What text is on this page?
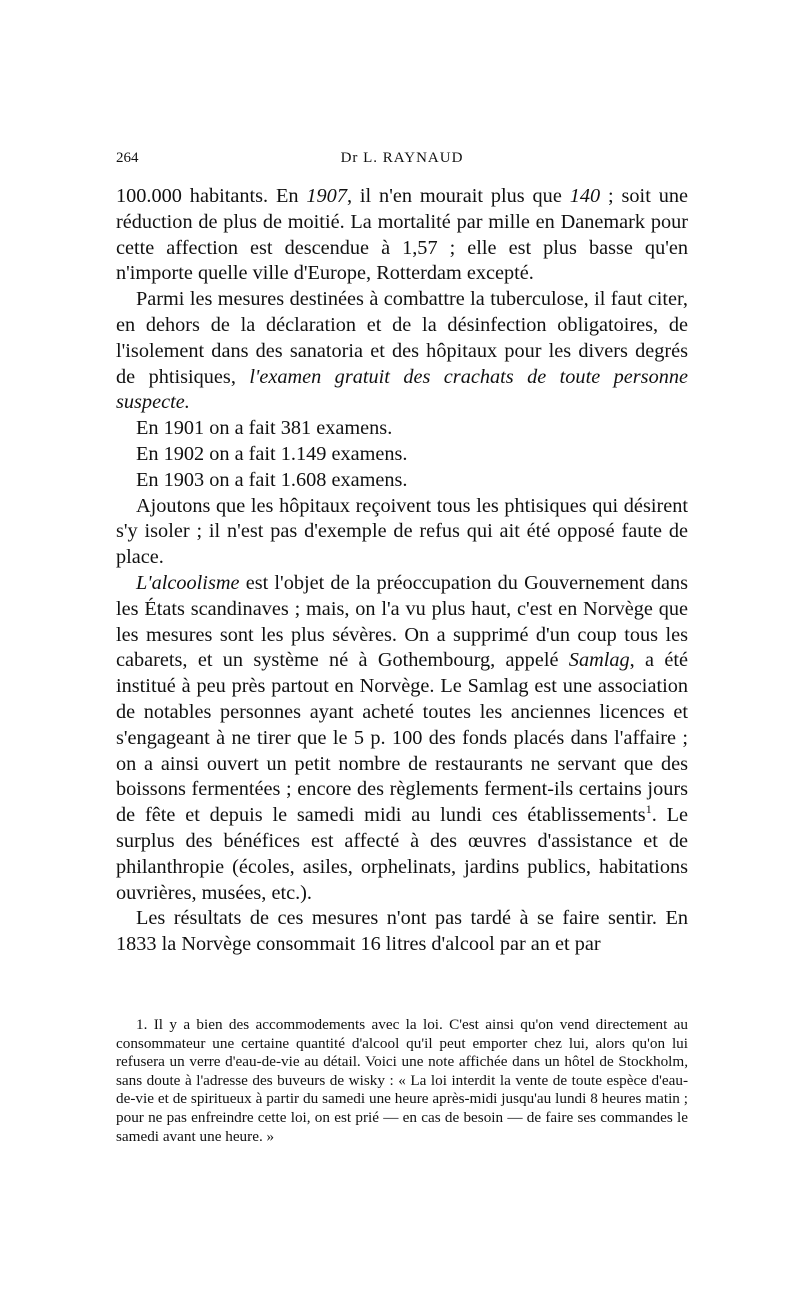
264	Dr L. RAYNAUD

100.000 habitants. En 1907, il n'en mourait plus que 140 ; soit une réduction de plus de moitié. La mortalité par mille en Danemark pour cette affection est descendue à 1,57 ; elle est plus basse qu'en n'importe quelle ville d'Europe, Rotterdam excepté.

Parmi les mesures destinées à combattre la tuberculose, il faut citer, en dehors de la déclaration et de la désinfection obligatoires, de l'isolement dans des sanatoria et des hôpitaux pour les divers degrés de phtisiques, l'examen gratuit des crachats de toute personne suspecte.

En 1901 on a fait 381 examens.

En 1902 on a fait 1.149 examens.

En 1903 on a fait 1.608 examens.

Ajoutons que les hôpitaux reçoivent tous les phtisiques qui désirent s'y isoler ; il n'est pas d'exemple de refus qui ait été opposé faute de place.

L'alcoolisme est l'objet de la préoccupation du Gouvernement dans les États scandinaves ; mais, on l'a vu plus haut, c'est en Norvège que les mesures sont les plus sévères. On a supprimé d'un coup tous les cabarets, et un système né à Gothembourg, appelé Samlag, a été institué à peu près partout en Norvège. Le Samlag est une association de notables personnes ayant acheté toutes les anciennes licences et s'engageant à ne tirer que le 5 p. 100 des fonds placés dans l'affaire ; on a ainsi ouvert un petit nombre de restaurants ne servant que des boissons fermentées ; encore des règlements ferment-ils certains jours de fête et depuis le samedi midi au lundi ces établissements$^1$. Le surplus des bénéfices est affecté à des œuvres d'assistance et de philanthropie (écoles, asiles, orphelinats, jardins publics, habitations ouvrières, musées, etc.).

Les résultats de ces mesures n'ont pas tardé à se faire sentir. En 1833 la Norvège consommait 16 litres d'alcool par an et par

1. Il y a bien des accommodements avec la loi. C'est ainsi qu'on vend directement au consommateur une certaine quantité d'alcool qu'il peut emporter chez lui, alors qu'on lui refusera un verre d'eau-de-vie au détail. Voici une note affichée dans un hôtel de Stockholm, sans doute à l'adresse des buveurs de wisky : « La loi interdit la vente de toute espèce d'eau-de-vie et de spiritueux à partir du samedi une heure après-midi jusqu'au lundi 8 heures matin ; pour ne pas enfreindre cette loi, on est prié — en cas de besoin — de faire ses commandes le samedi avant une heure. »
